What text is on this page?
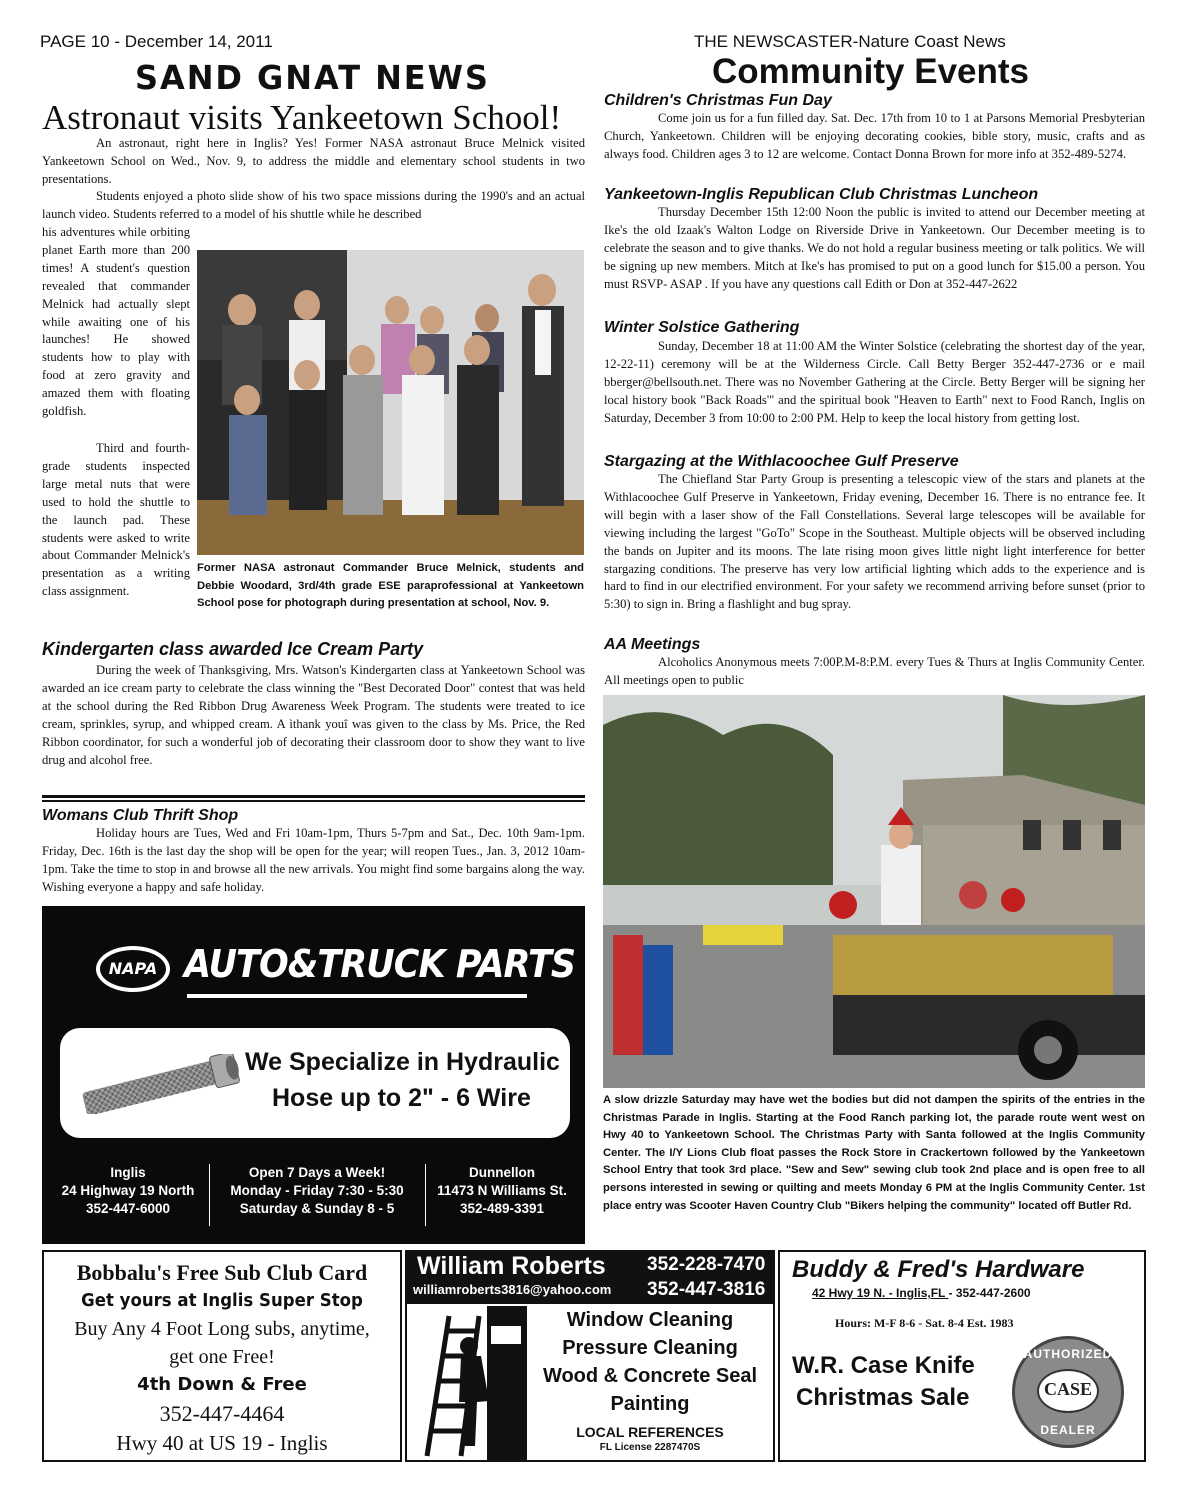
PAGE 10 - December 14, 2011	THE NEWSCASTER-Nature Coast News
SAND GNAT NEWS
Astronaut visits Yankeetown School!
An astronaut, right here in Inglis? Yes! Former NASA astronaut Bruce Melnick visited Yankeetown School on Wed., Nov. 9, to address the middle and elementary school students in two presentations.
Students enjoyed a photo slide show of his two space missions during the 1990's and an actual launch video. Students referred to a model of his shuttle while he described
his adventures while orbiting planet Earth more than 200 times! A student's question revealed that commander Melnick had actually slept while awaiting one of his launches! He showed students how to play with food at zero gravity and amazed them with floating goldfish.
Third and fourth-grade students inspected large metal nuts that were used to hold the shuttle to the launch pad. These students were asked to write about Commander Melnick's presentation as a writing class assignment.
Former NASA astronaut Commander Bruce Melnick, students and Debbie Woodard, 3rd/4th grade ESE paraprofessional at Yankeetown School pose for photograph during presentation at school, Nov. 9.
Kindergarten class awarded Ice Cream Party
During the week of Thanksgiving, Mrs. Watson's Kindergarten class at Yankeetown School was awarded an ice cream party to celebrate the class winning the "Best Decorated Door" contest that was held at the school during the Red Ribbon Drug Awareness Week Program. The students were treated to ice cream, sprinkles, syrup, and whipped cream. A ìthank youî was given to the class by Ms. Price, the Red Ribbon coordinator, for such a wonderful job of decorating their classroom door to show they want to live drug and alcohol free.
Womans Club Thrift Shop
Holiday hours are Tues, Wed and Fri 10am-1pm, Thurs 5-7pm and Sat., Dec. 10th 9am-1pm. Friday, Dec. 16th is the last day the shop will be open for the year; will reopen Tues., Jan. 3, 2012 10am-1pm. Take the time to stop in and browse all the new arrivals. You might find some bargains along the way. Wishing everyone a happy and safe holiday.
NAPA AUTO&TRUCK PARTS
We Specialize in Hydraulic
Hose up to 2" - 6 Wire
Inglis
24 Highway 19 North
352-447-6000
Open 7 Days a Week!
Monday - Friday 7:30 - 5:30
Saturday & Sunday 8 - 5
Dunnellon
11473 N Williams St.
352-489-3391
Community Events
Children's Christmas Fun Day
Come join us for a fun filled day. Sat. Dec. 17th from 10 to 1 at Parsons Memorial Presbyterian Church, Yankeetown. Children will be enjoying decorating cookies, bible story, music, crafts and as always food. Children ages 3 to 12 are welcome. Contact Donna Brown for more info at 352-489-5274.
Yankeetown-Inglis Republican Club Christmas Luncheon
Thursday December 15th 12:00 Noon the public is invited to attend our December meeting at Ike's the old Izaak's Walton Lodge on Riverside Drive in Yankeetown. Our December meeting is to celebrate the season and to give thanks. We do not hold a regular business meeting or talk politics. We will be signing up new members. Mitch at Ike's has promised to put on a good lunch for $15.00 a person. You must RSVP- ASAP . If you have any questions call Edith or Don at 352-447-2622
Winter Solstice Gathering
Sunday, December 18 at 11:00 AM the Winter Solstice (celebrating the shortest day of the year, 12-22-11) ceremony will be at the Wilderness Circle. Call Betty Berger 352-447-2736 or e mail bberger@bellsouth.net. There was no November Gathering at the Circle. Betty Berger will be signing her local history book "Back Roads'" and the spiritual book "Heaven to Earth" next to Food Ranch, Inglis on Saturday, December 3 from 10:00 to 2:00 PM. Help to keep the local history from getting lost.
Stargazing at the Withlacoochee Gulf Preserve
The Chiefland Star Party Group is presenting a telescopic view of the stars and planets at the Withlacoochee Gulf Preserve in Yankeetown, Friday evening, December 16. There is no entrance fee. It will begin with a laser show of the Fall Constellations. Several large telescopes will be available for viewing including the largest "GoTo" Scope in the Southeast. Multiple objects will be observed including the bands on Jupiter and its moons. The late rising moon gives little night light interference for better stargazing conditions. The preserve has very low artificial lighting which adds to the experience and is hard to find in our electrified environment. For your safety we recommend arriving before sunset (prior to 5:30) to sign in. Bring a flashlight and bug spray.
AA Meetings
Alcoholics Anonymous meets 7:00P.M-8:P.M. every Tues & Thurs at Inglis Community Center. All meetings open to public
A slow drizzle Saturday may have wet the bodies but did not dampen the spirits of the entries in the Christmas Parade in Inglis. Starting at the Food Ranch parking lot, the parade route went west on Hwy 40 to Yankeetown School. The Christmas Party with Santa followed at the Inglis Community Center. The I/Y Lions Club float passes the Rock Store in Crackertown followed by the Yankeetown School Entry that took 3rd place. "Sew and Sew" sewing club took 2nd place and is open free to all persons interested in sewing or quilting and meets Monday 6 PM at the Inglis Community Center. 1st place entry was Scooter Haven Country Club "Bikers helping the community" located off Butler Rd.
Bobbalu's Free Sub Club Card
Get yours at Inglis Super Stop
Buy Any 4 Foot Long subs, anytime,
get one Free!
4th Down & Free
352-447-4464
Hwy 40 at US 19 - Inglis
William Roberts
williamroberts3816@yahoo.com
352-228-7470
352-447-3816
Window Cleaning
Pressure Cleaning
Wood & Concrete Seal
Painting
LOCAL REFERENCES
FL License 2287470S
Buddy & Fred's Hardware
42 Hwy 19 N. - Inglis,FL - 352-447-2600
Hours: M-F 8-6 - Sat. 8-4 Est. 1983
W.R. Case Knife
Christmas Sale
AUTHORIZED
CASE
DEALER
